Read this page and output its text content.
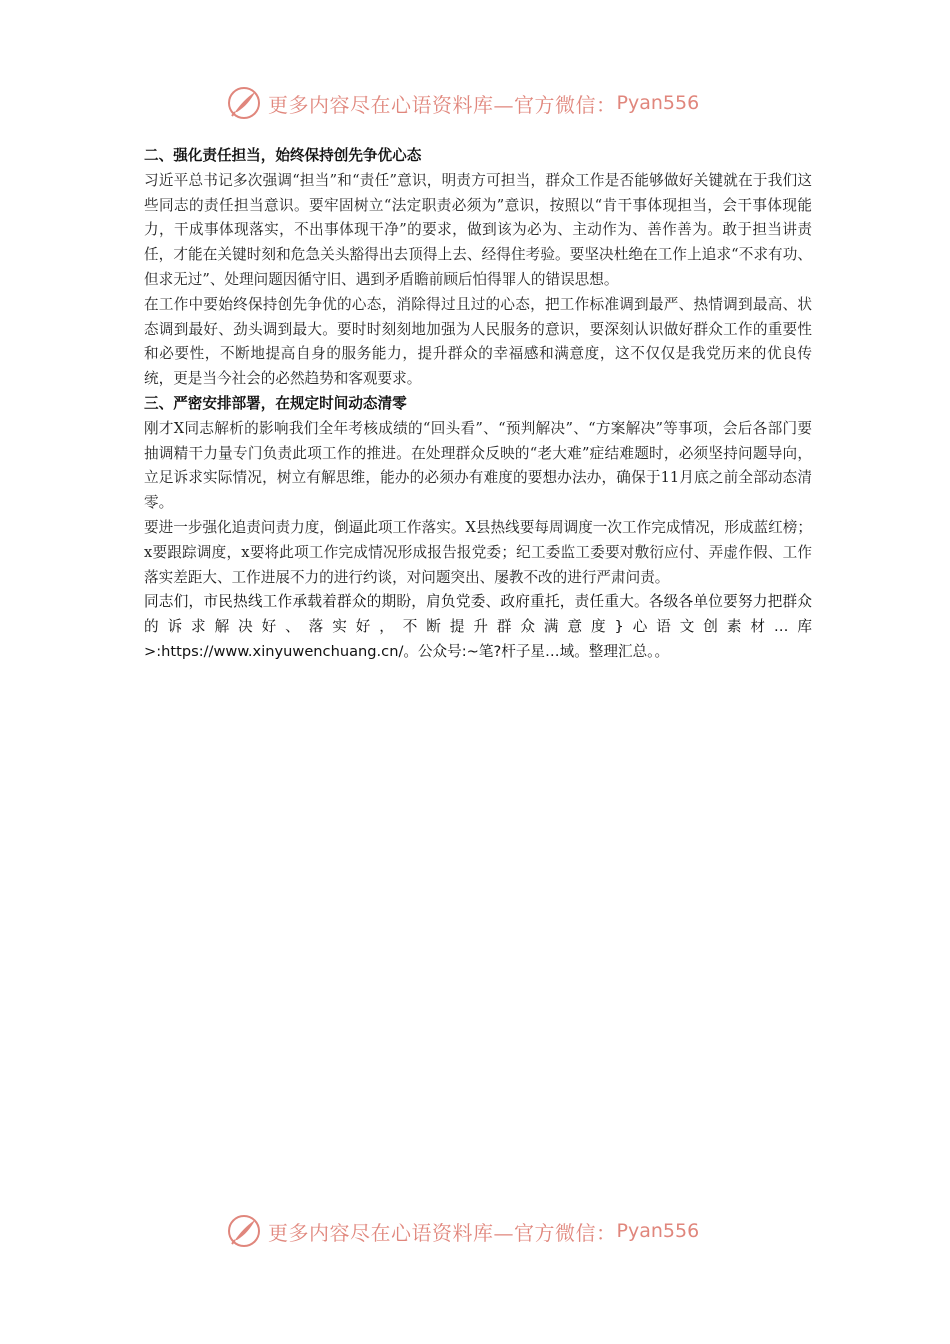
更多内容尽在心语资料库—官方微信： Pyan556
二、强化责任担当，始终保持创先争优心态

习近平总书记多次强调“担当”和“责任”意识，明责方可担当，群众工作是否能够做好关键就在于我们这些同志的责任担当意识。要牢固树立“法定职责必须为”意识，按照以“肯干事体现担当，会干事体现能力，干成事体现落实，不出事体现干净”的要求，做到该为必为、主动作为、善作善为。敢于担当讲责任，才能在关键时刻和危急关头豁得出去顶得上去、经得住考验。要坚决杜绝在工作上追求“不求有功、但求无过”、处理问题因循守旧、遇到矛盾瞻前顾后怕得罪人的错误思想。

在工作中要始终保持创先争优的心态，消除得过且过的心态，把工作标准调到最严、热情调到最高、状态调到最好、劲头调到最大。要时时刻刻地加强为人民服务的意识，要深刻认识做好群众工作的重要性和必要性，不断地提高自身的服务能力，提升群众的幸福感和满意度，这不仅仅是我党历来的优良传统，更是当今社会的必然趋势和客观要求。

三、严密安排部署，在规定时间动态清零

刚才X同志解析的影响我们全年考核成绩的“回头看”、“预判解决”、“方案解决”等事项，会后各部门要抽调精干力量专门负责此项工作的推进。在处理群众反映的“老大难”症结难题时，必须坚持问题导向，立足诉求实际情况，树立有解思维，能办的必须办有难度的要想办法办，确保于11月底之前全部动态清零。

要进一步强化追责问责力度，倒逼此项工作落实。X县热线要每周调度一次工作完成情况，形成蓝红榜；x要跟踪调度，x要将此项工作完成情况形成报告报党委；纪工委监工委要对敷衍应付、弄虚作假、工作落实差距大、工作进展不力的进行约谈，对问题突出、屡教不改的进行严肃问责。

同志们，市民热线工作承载着群众的期盼，肩负党委、政府重托，责任重大。各级各单位要努力把群众的诉求解决好、落实好，不断提升群众满意度}心语文创素材…库>:https://www.xinyuwenchuang.cn/。公众号:~笔?杆子星…域。整理汇总。。

更多内容尽在心语资料库—官方微信： Pyan556
